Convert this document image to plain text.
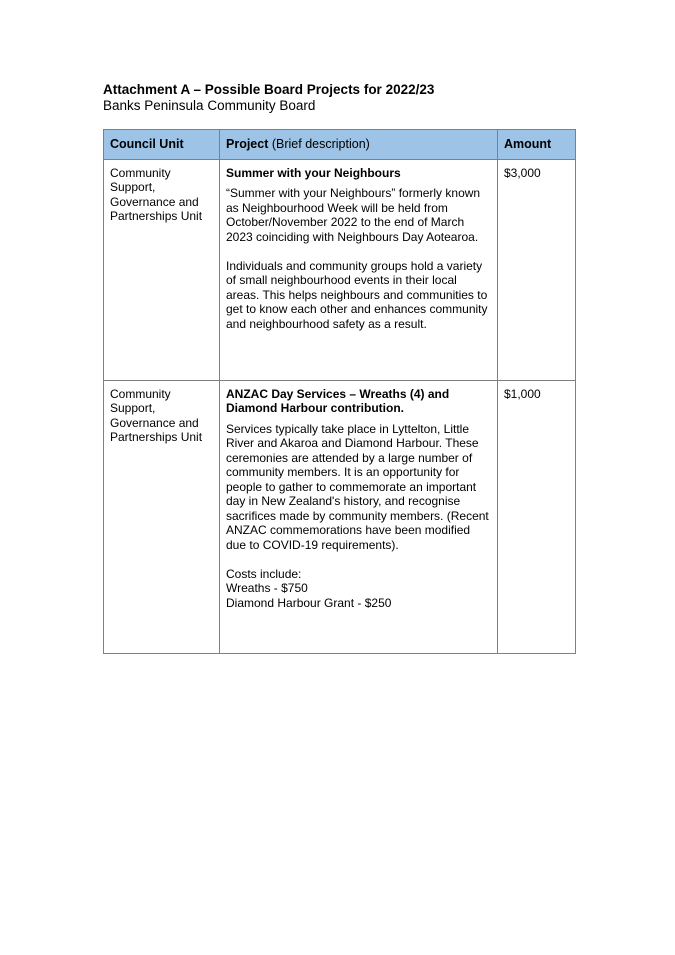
Attachment A – Possible Board Projects for 2022/23

Banks Peninsula Community Board

Council Unit	Project (Brief description)	Amount
Community Support, Governance and Partnerships Unit	Summer with your Neighbours

“Summer with your Neighbours” formerly known as Neighbourhood Week will be held from October/November 2022 to the end of March 2023 coinciding with Neighbours Day Aotearoa.

Individuals and community groups hold a variety of small neighbourhood events in their local areas. This helps neighbours and communities to get to know each other and enhances community and neighbourhood safety as a result.	$3,000
Community Support, Governance and Partnerships Unit	ANZAC Day Services – Wreaths (4) and Diamond Harbour contribution.

Services typically take place in Lyttelton, Little River and Akaroa and Diamond Harbour. These ceremonies are attended by a large number of community members. It is an opportunity for people to gather to commemorate an important day in New Zealand's history, and recognise sacrifices made by community members. (Recent ANZAC commemorations have been modified due to COVID-19 requirements).

Costs include:
Wreaths - $750
Diamond Harbour Grant - $250	$1,000
